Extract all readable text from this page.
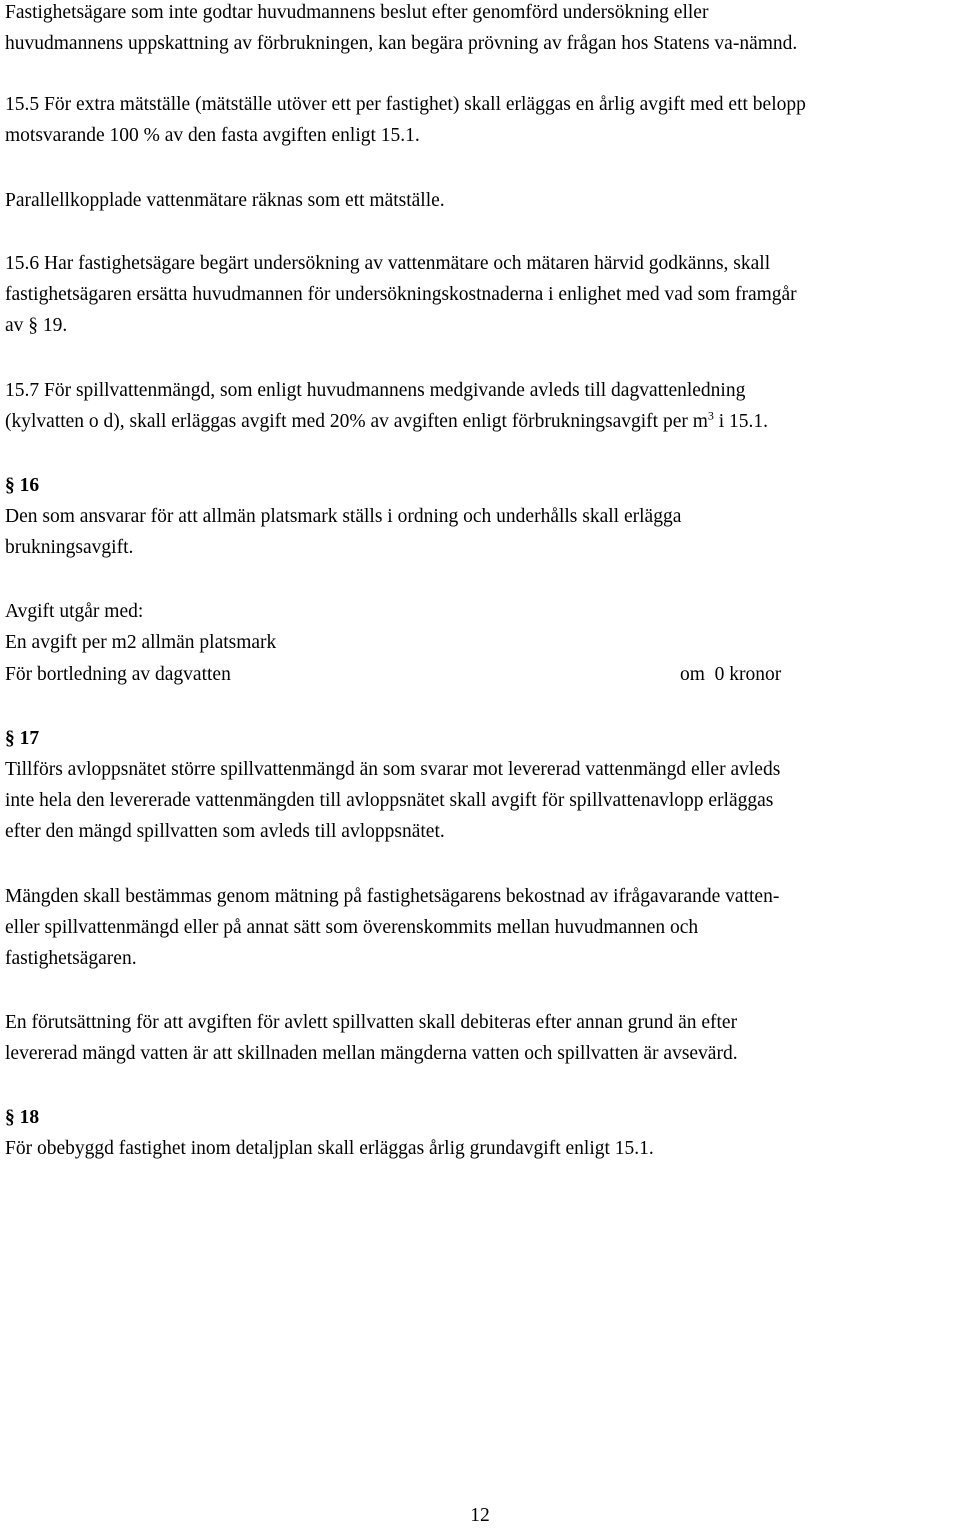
Fastighetsägare som inte godtar huvudmannens beslut efter genomförd undersökning eller
huvudmannens uppskattning av förbrukningen, kan begära prövning av frågan hos Statens va-nämnd.

15.5 För extra mätställe (mätställe utöver ett per fastighet) skall erläggas en årlig avgift med ett belopp
motsvarande 100 % av den fasta avgiften enligt 15.1.

Parallellkopplade vattenmätare räknas som ett mätställe.

15.6 Har fastighetsägare begärt undersökning av vattenmätare och mätaren härvid godkänns, skall
fastighetsägaren ersätta huvudmannen för undersökningskostnaderna i enlighet med vad som framgår
av § 19.

15.7 För spillvattenmängd, som enligt huvudmannens medgivande avleds till dagvattenledning
(kylvatten o d), skall erläggas avgift med 20% av avgiften enligt förbrukningsavgift per $m^3$ i 15.1.

§ 16

Den som ansvarar för att allmän platsmark ställs i ordning och underhålls skall erlägga
brukningsavgift.

Avgift utgår med:
En avgift per m2 allmän platsmark
För bortledning av dagvatten	om  0 kronor
§ 17

Tillförs avloppsnätet större spillvattenmängd än som svarar mot levererad vattenmängd eller avleds
inte hela den levererade vattenmängden till avloppsnätet skall avgift för spillvattenavlopp erläggas
efter den mängd spillvatten som avleds till avloppsnätet.

Mängden skall bestämmas genom mätning på fastighetsägarens bekostnad av ifrågavarande vatten-
eller spillvattenmängd eller på annat sätt som överenskommits mellan huvudmannen och
fastighetsägaren.

En förutsättning för att avgiften för avlett spillvatten skall debiteras efter annan grund än efter
levererad mängd vatten är att skillnaden mellan mängderna vatten och spillvatten är avsevärd.

§ 18

För obebyggd fastighet inom detaljplan skall erläggas årlig grundavgift enligt 15.1.

12
